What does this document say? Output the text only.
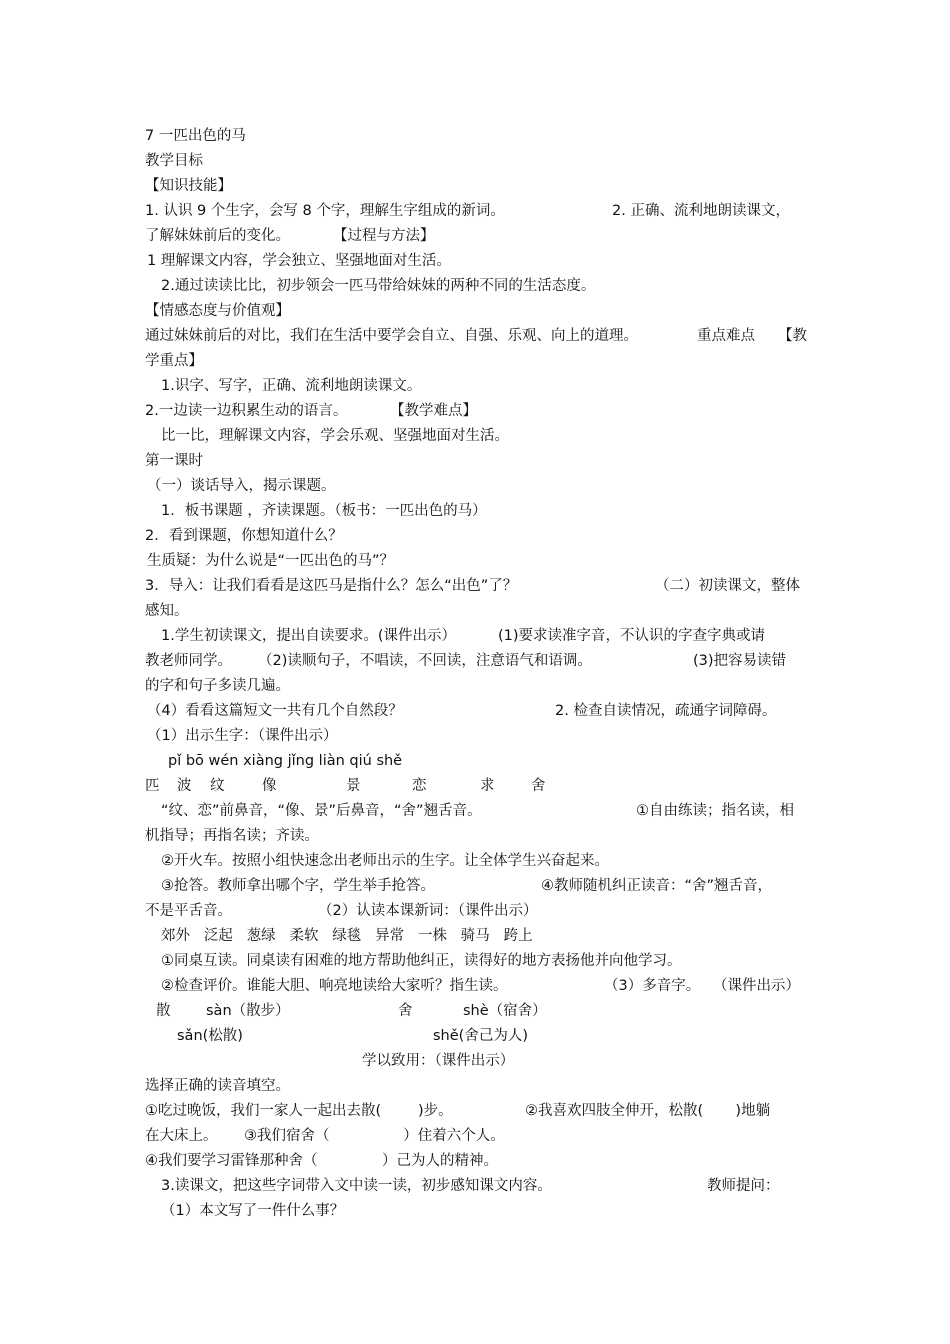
7 一匹出色的马
教学目标
【知识技能】
1. 认识 9 个生字，会写 8 个字，理解生字组成的新词。	2. 正确、流利地朗读课文，
了解妹妹前后的变化。	【过程与方法】
1 理解课文内容，学会独立、坚强地面对生活。
2.通过读读比比，初步领会一匹马带给妹妹的两种不同的生活态度。
【情感态度与价值观】
通过妹妹前后的对比，我们在生活中要学会自立、自强、乐观、向上的道理。	重点难点 【教
学重点】
1.识字、写字，正确、流利地朗读课文。
2.一边读一边积累生动的语言。	【教学难点】
比一比，理解课文内容，学会乐观、坚强地面对生活。
第一课时
（一）谈话导入，揭示课题。
1．板书课题 ，齐读课题。（板书：一匹出色的马）
2．看到课题，你想知道什么？
生质疑：为什么说是“一匹出色的马”？
3．导入：让我们看看是这匹马是指什么？怎么“出色”了？	（二）初读课文，整体
感知。
1.学生初读课文，提出自读要求。(课件出示）	(1)要求读准字音，不认识的字查字典或请
教老师同学。 （2)读顺句子，不唱读，不回读，注意语气和语调。	(3)把容易读错
的字和句子多读几遍。
（4）看看这篇短文一共有几个自然段？	2. 检查自读情况，疏通字词障碍。
（1）出示生字：（课件出示）
pǐ bō wén xiàng jǐng liàn qiú shě
匹 波 纹	像	景	恋	求	舍
“纹、恋”前鼻音，“像、景”后鼻音，“舍”翘舌音。	①自由练读；指名读，相
机指导；再指名读；齐读。
②开火车。按照小组快速念出老师出示的生字。让全体学生兴奋起来。
③抢答。教师拿出哪个字，学生举手抢答。	④教师随机纠正读音：“舍”翘舌音，
不是平舌音。	（2）认读本课新词：（课件出示）
郊外   泛起   葱绿   柔软   绿毯   异常   一株   骑马   跨上
①同桌互读。同桌读有困难的地方帮助他纠正，读得好的地方表扬他并向他学习。
②检查评价。谁能大胆、响亮地读给大家听？指生读。	（3）多音字。 （课件出示）
散 sàn（散步）	舍	shè（宿舍）
sǎn(松散)	shě(舍己为人)
学以致用：（课件出示）
选择正确的读音填空。
①吃过晚饭，我们一家人一起出去散(        )步。	②我喜欢四肢全伸开，松散(       )地躺
在大床上。 ③我们宿舍（                ）住着六个人。
④我们要学习雷锋那种舍（              ）己为人的精神。
3.读课文，把这些字词带入文中读一读，初步感知课文内容。	教师提问：
（1）本文写了一件什么事？
